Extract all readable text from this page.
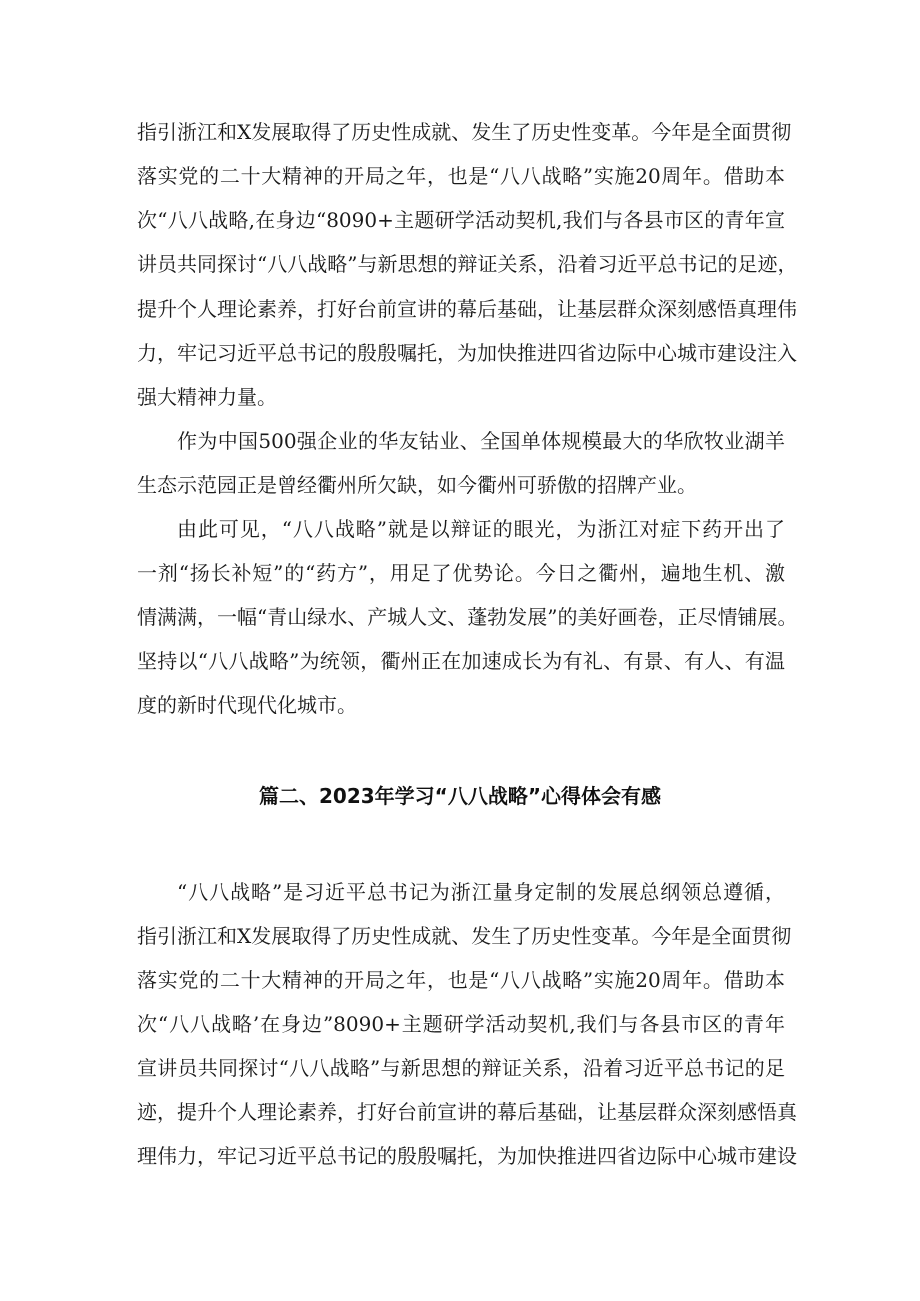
指引浙江和X发展取得了历史性成就、发生了历史性变革。今年是全面贯彻
落实党的二十大精神的开局之年，也是“八八战略”实施20周年。借助本
次“八八战略,在身边“8090+主题研学活动契机,我们与各县市区的青年宣
讲员共同探讨“八八战略”与新思想的辩证关系，沿着习近平总书记的足迹，
提升个人理论素养，打好台前宣讲的幕后基础，让基层群众深刻感悟真理伟
力，牢记习近平总书记的殷殷嘱托，为加快推进四省边际中心城市建设注入
强大精神力量。
作为中国500强企业的华友钴业、全国单体规模最大的华欣牧业湖羊
生态示范园正是曾经衢州所欠缺，如今衢州可骄傲的招牌产业。
由此可见，“八八战略”就是以辩证的眼光，为浙江对症下药开出了
一剂“扬长补短”的“药方”，用足了优势论。今日之衢州，遍地生机、激
情满满，一幅“青山绿水、产城人文、蓬勃发展”的美好画卷，正尽情铺展。
坚持以“八八战略”为统领，衢州正在加速成长为有礼、有景、有人、有温
度的新时代现代化城市。
篇二、2023年学习“八八战略”心得体会有感
“八八战略”是习近平总书记为浙江量身定制的发展总纲领总遵循，
指引浙江和X发展取得了历史性成就、发生了历史性变革。今年是全面贯彻
落实党的二十大精神的开局之年，也是“八八战略”实施20周年。借助本
次“八八战略’在身边”8090+主题研学活动契机,我们与各县市区的青年
宣讲员共同探讨“八八战略”与新思想的辩证关系，沿着习近平总书记的足
迹，提升个人理论素养，打好台前宣讲的幕后基础，让基层群众深刻感悟真
理伟力，牢记习近平总书记的殷殷嘱托，为加快推进四省边际中心城市建设
